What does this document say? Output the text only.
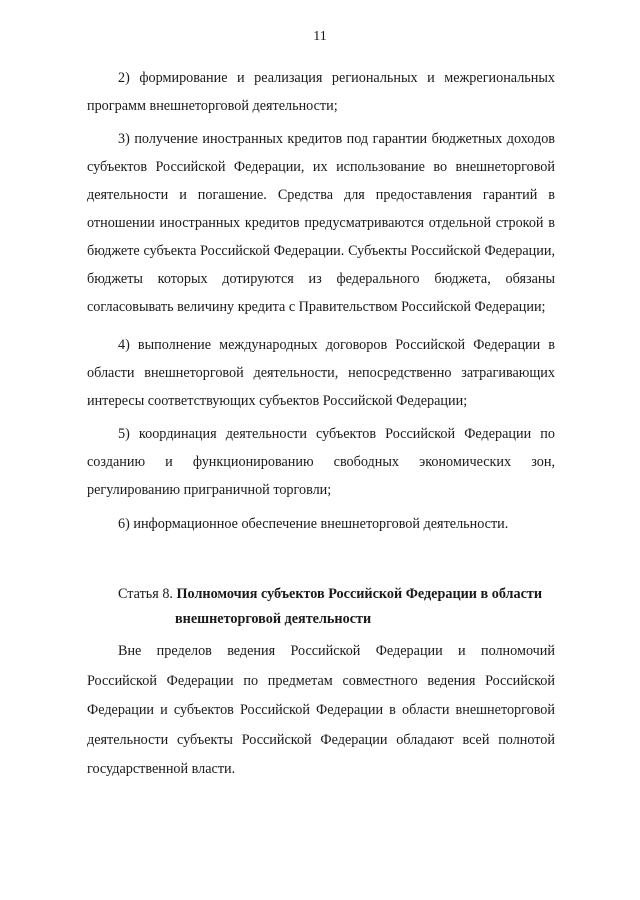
11
2) формирование и реализация региональных и межрегиональных программ внешнеторговой деятельности;
3) получение иностранных кредитов под гарантии бюджетных доходов субъектов Российской Федерации, их использование во внешнеторговой деятельности и погашение. Средства для предоставления гарантий в отношении иностранных кредитов предусматриваются отдельной строкой в бюджете субъекта Российской Федерации. Субъекты Российской Федерации, бюджеты которых дотируются из федерального бюджета, обязаны согласовывать величину кредита с Правительством Российской Федерации;
4) выполнение международных договоров Российской Федерации в области внешнеторговой деятельности, непосредственно затрагивающих интересы соответствующих субъектов Российской Федерации;
5) координация деятельности субъектов Российской Федерации по созданию и функционированию свободных экономических зон, регулированию приграничной торговли;
6) информационное обеспечение внешнеторговой деятельности.
Статья 8. Полномочия субъектов Российской Федерации в области
внешнеторговой деятельности
Вне пределов ведения Российской Федерации и полномочий Российской Федерации по предметам совместного ведения Российской Федерации и субъектов Российской Федерации в области внешнеторговой деятельности субъекты Российской Федерации обладают всей полнотой государственной власти.
